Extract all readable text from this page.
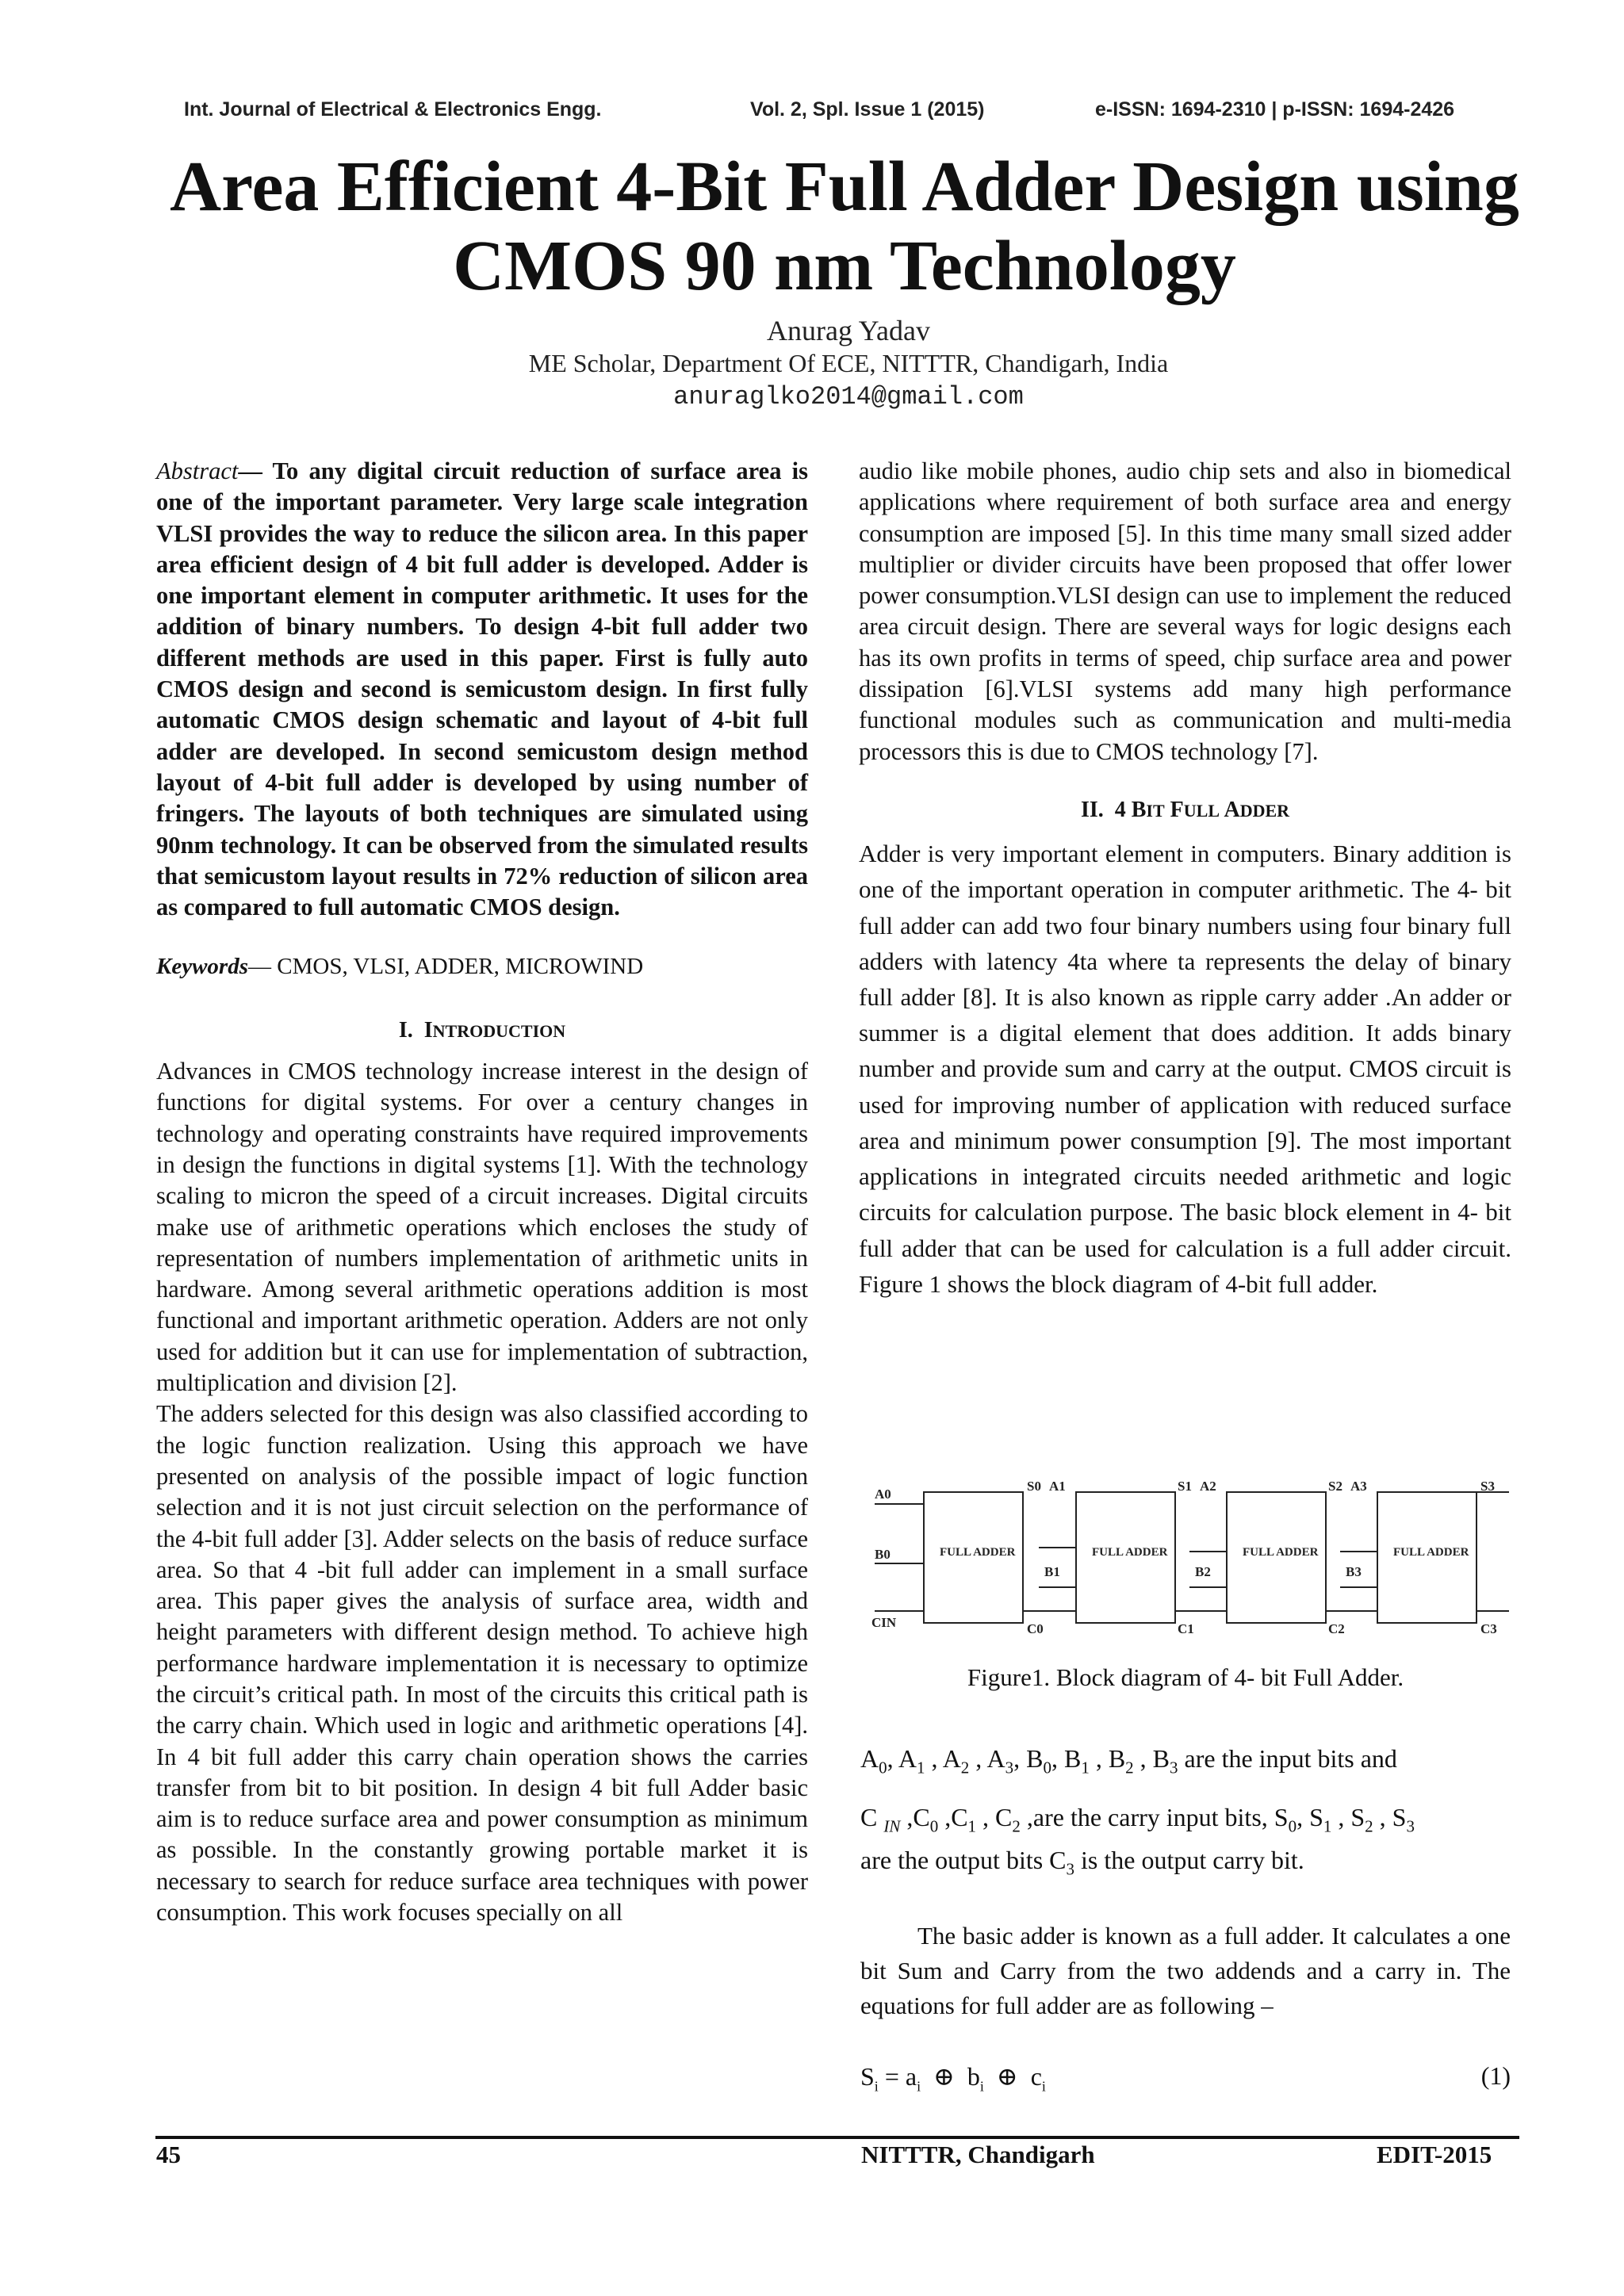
Int. Journal of Electrical & Electronics Engg.	Vol. 2, Spl. Issue 1 (2015)	e-ISSN: 1694-2310 | p-ISSN: 1694-2426
Area Efficient 4-Bit Full Adder Design using
CMOS 90 nm Technology
Anurag Yadav
ME Scholar, Department Of ECE, NITTTR, Chandigarh, India
anuraglko2014@gmail.com

Abstract— To any digital circuit reduction of surface area is one of the important parameter. Very large scale integration VLSI provides the way to reduce the silicon area. In this paper area efficient design of 4 bit full adder is developed. Adder is one important element in computer arithmetic. It uses for the addition of binary numbers. To design 4-bit full adder two different methods are used in this paper. First is fully auto CMOS design and second is semicustom design. In first fully automatic CMOS design schematic and layout of 4-bit full adder are developed. In second semicustom design method layout of 4-bit full adder is developed by using number of fringers. The layouts of both techniques are simulated using 90nm technology. It can be observed from the simulated results that semicustom layout results in 72% reduction of silicon area as compared to full automatic CMOS design.

Keywords— CMOS, VLSI, ADDER, MICROWIND

I. INTRODUCTION

Advances in CMOS technology increase interest in the design of functions for digital systems. For over a century changes in technology and operating constraints have required improvements in design the functions in digital systems [1]. With the technology scaling to micron the speed of a circuit increases. Digital circuits make use of arithmetic operations which encloses the study of representation of numbers implementation of arithmetic units in hardware. Among several arithmetic operations addition is most functional and important arithmetic operation. Adders are not only used for addition but it can use for implementation of subtraction, multiplication and division [2].

The adders selected for this design was also classified according to the logic function realization. Using this approach we have presented on analysis of the possible impact of logic function selection and it is not just circuit selection on the performance of the 4-bit full adder [3]. Adder selects on the basis of reduce surface area. So that 4 -bit full adder can implement in a small surface area. This paper gives the analysis of surface area, width and height parameters with different design method. To achieve high performance hardware implementation it is necessary to optimize the circuit’s critical path. In most of the circuits this critical path is the carry chain. Which used in logic and arithmetic operations [4]. In 4 bit full adder this carry chain operation shows the carries transfer from bit to bit position. In design 4 bit full Adder basic aim is to reduce surface area and power consumption as minimum as possible. In the constantly growing portable market it is necessary to search for reduce surface area techniques with power consumption. This work focuses specially on all

audio like mobile phones, audio chip sets and also in biomedical applications where requirement of both surface area and energy consumption are imposed [5]. In this time many small sized adder multiplier or divider circuits have been proposed that offer lower power consumption.VLSI design can use to implement the reduced area circuit design. There are several ways for logic designs each has its own profits in terms of speed, chip surface area and power dissipation [6].VLSI systems add many high performance functional modules such as communication and multi-media processors this is due to CMOS technology [7].

II. 4 BIT FULL ADDER

Adder is very important element in computers. Binary addition is one of the important operation in computer arithmetic. The 4- bit full adder can add two four binary numbers using four binary full adders with latency 4ta where ta represents the delay of binary full adder [8]. It is also known as ripple carry adder .An adder or summer is a digital element that does addition. It adds binary number and provide sum and carry at the output. CMOS circuit is used for improving number of application with reduced surface area and minimum power consumption [9]. The most important applications in integrated circuits needed arithmetic and logic circuits for calculation purpose. The basic block element in 4- bit full adder that can be used for calculation is a full adder circuit. Figure 1 shows the block diagram of 4-bit full adder.

FULL ADDER	FULL ADDER	FULL ADDER	FULL ADDER
A0
B0
CIN
S0 A1
B1
C0
S1 A2
B2
C1
S2 A3
B3
C2
S3
C3
Figure1. Block diagram of 4- bit Full Adder.
$A_0$, $A_1$ , $A_2$ , $A_3$, $B_0$, $B_1$ , $B_2$ , $B_3$ are the input bits and
C $_{IN}$ $,C_0$ $,C_1$ , $C_2$ ,are the carry input bits, $S_0$, $S_1$ , $S_2$ , $S_3$
are the output bits $C_3$ is the output carry bit.
The basic adder is known as a full adder. It calculates a one bit Sum and Carry from the two addends and a carry in. The equations for full adder are as following –
$S_i = a_i$  ⊕  $b_i$  ⊕  $c_i$	(1)
45	NITTTR, Chandigarh	EDIT-2015
